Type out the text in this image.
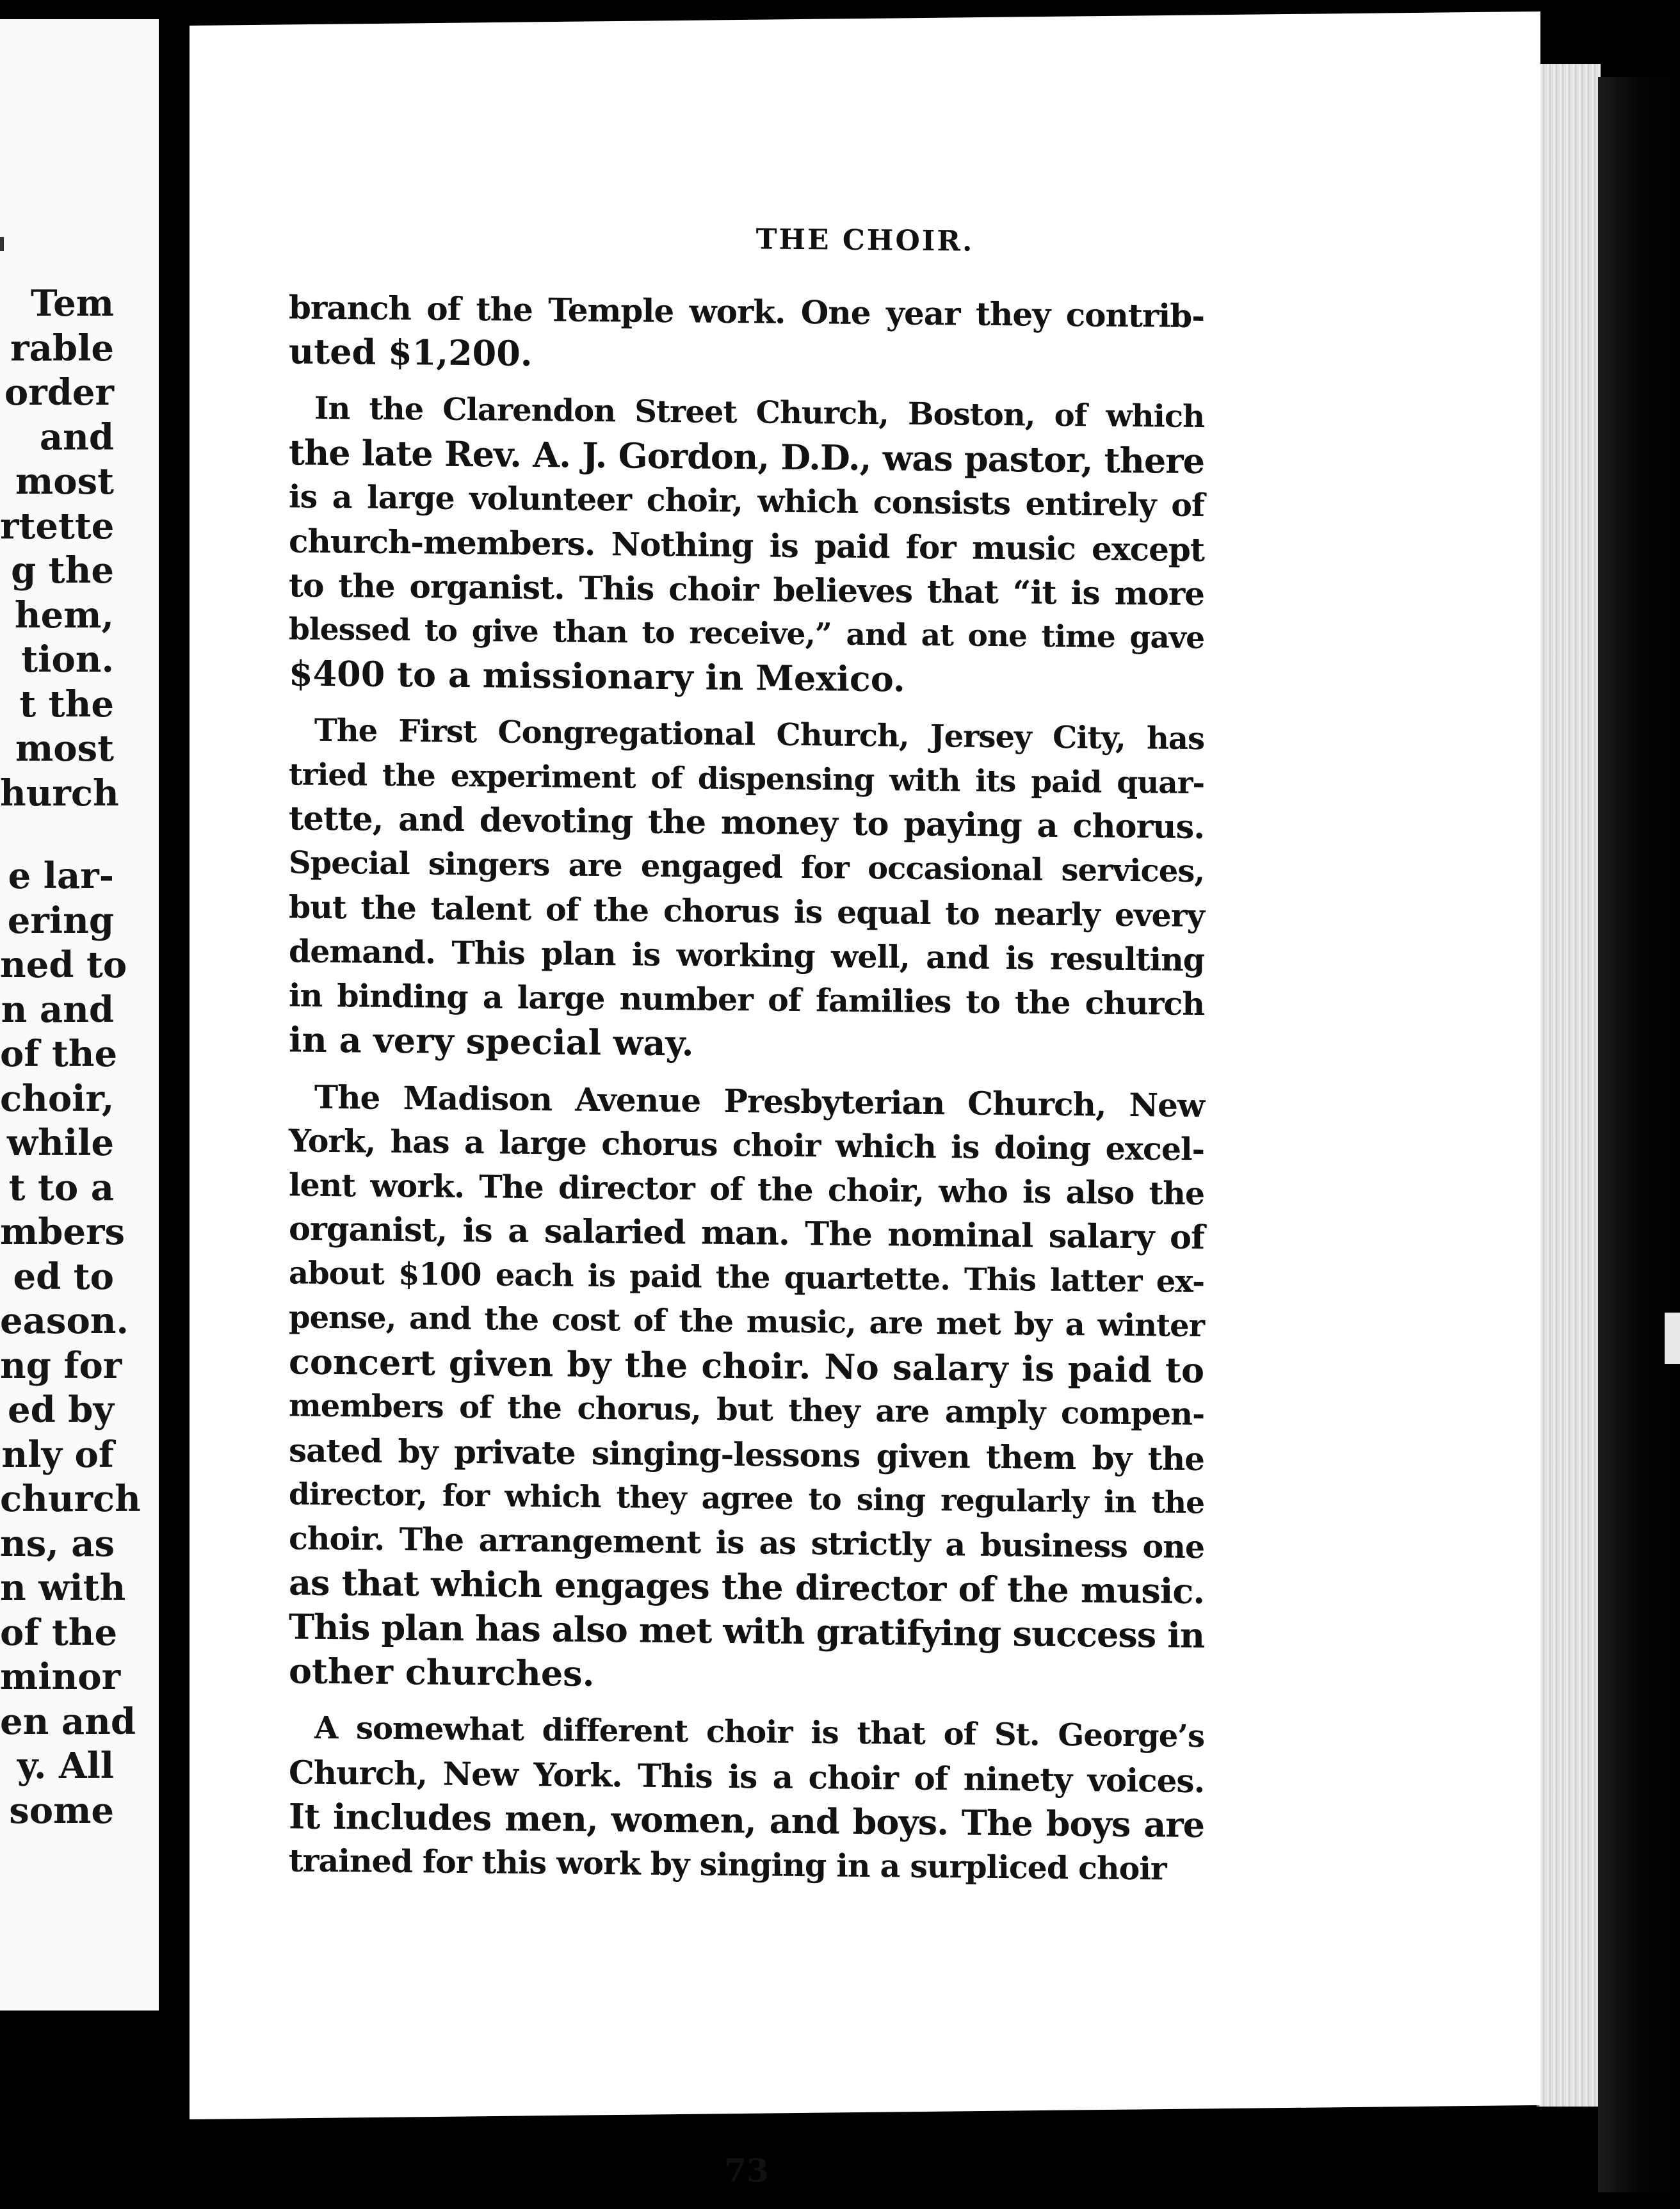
Tem
rable
order
and
most
rtette
g the
hem,
tion.
t the
most
hurch
e lar-
ering
ned to
n and
of the
choir,
while
t to a
mbers
ed to
eason.
ng for
ed by
nly of
church
ns, as
n with
of the
minor
en and
y. All
some
THE CHOIR.
branch of the Temple work. One year they contrib-
uted $1,200.
In the Clarendon Street Church, Boston, of which
the late Rev. A. J. Gordon, D.D., was pastor, there
is a large volunteer choir, which consists entirely of
church-members. Nothing is paid for music except
to the organist. This choir believes that “it is more
blessed to give than to receive,” and at one time gave
$400 to a missionary in Mexico.
The First Congregational Church, Jersey City, has
tried the experiment of dispensing with its paid quar-
tette, and devoting the money to paying a chorus.
Special singers are engaged for occasional services,
but the talent of the chorus is equal to nearly every
demand. This plan is working well, and is resulting
in binding a large number of families to the church
in a very special way.
The Madison Avenue Presbyterian Church, New
York, has a large chorus choir which is doing excel-
lent work. The director of the choir, who is also the
organist, is a salaried man. The nominal salary of
about $100 each is paid the quartette. This latter ex-
pense, and the cost of the music, are met by a winter
concert given by the choir. No salary is paid to
members of the chorus, but they are amply compen-
sated by private singing-lessons given them by the
director, for which they agree to sing regularly in the
choir. The arrangement is as strictly a business one
as that which engages the director of the music.
This plan has also met with gratifying success in
other churches.
A somewhat different choir is that of St. George’s
Church, New York. This is a choir of ninety voices.
It includes men, women, and boys. The boys are
trained for this work by singing in a surpliced choir
73
